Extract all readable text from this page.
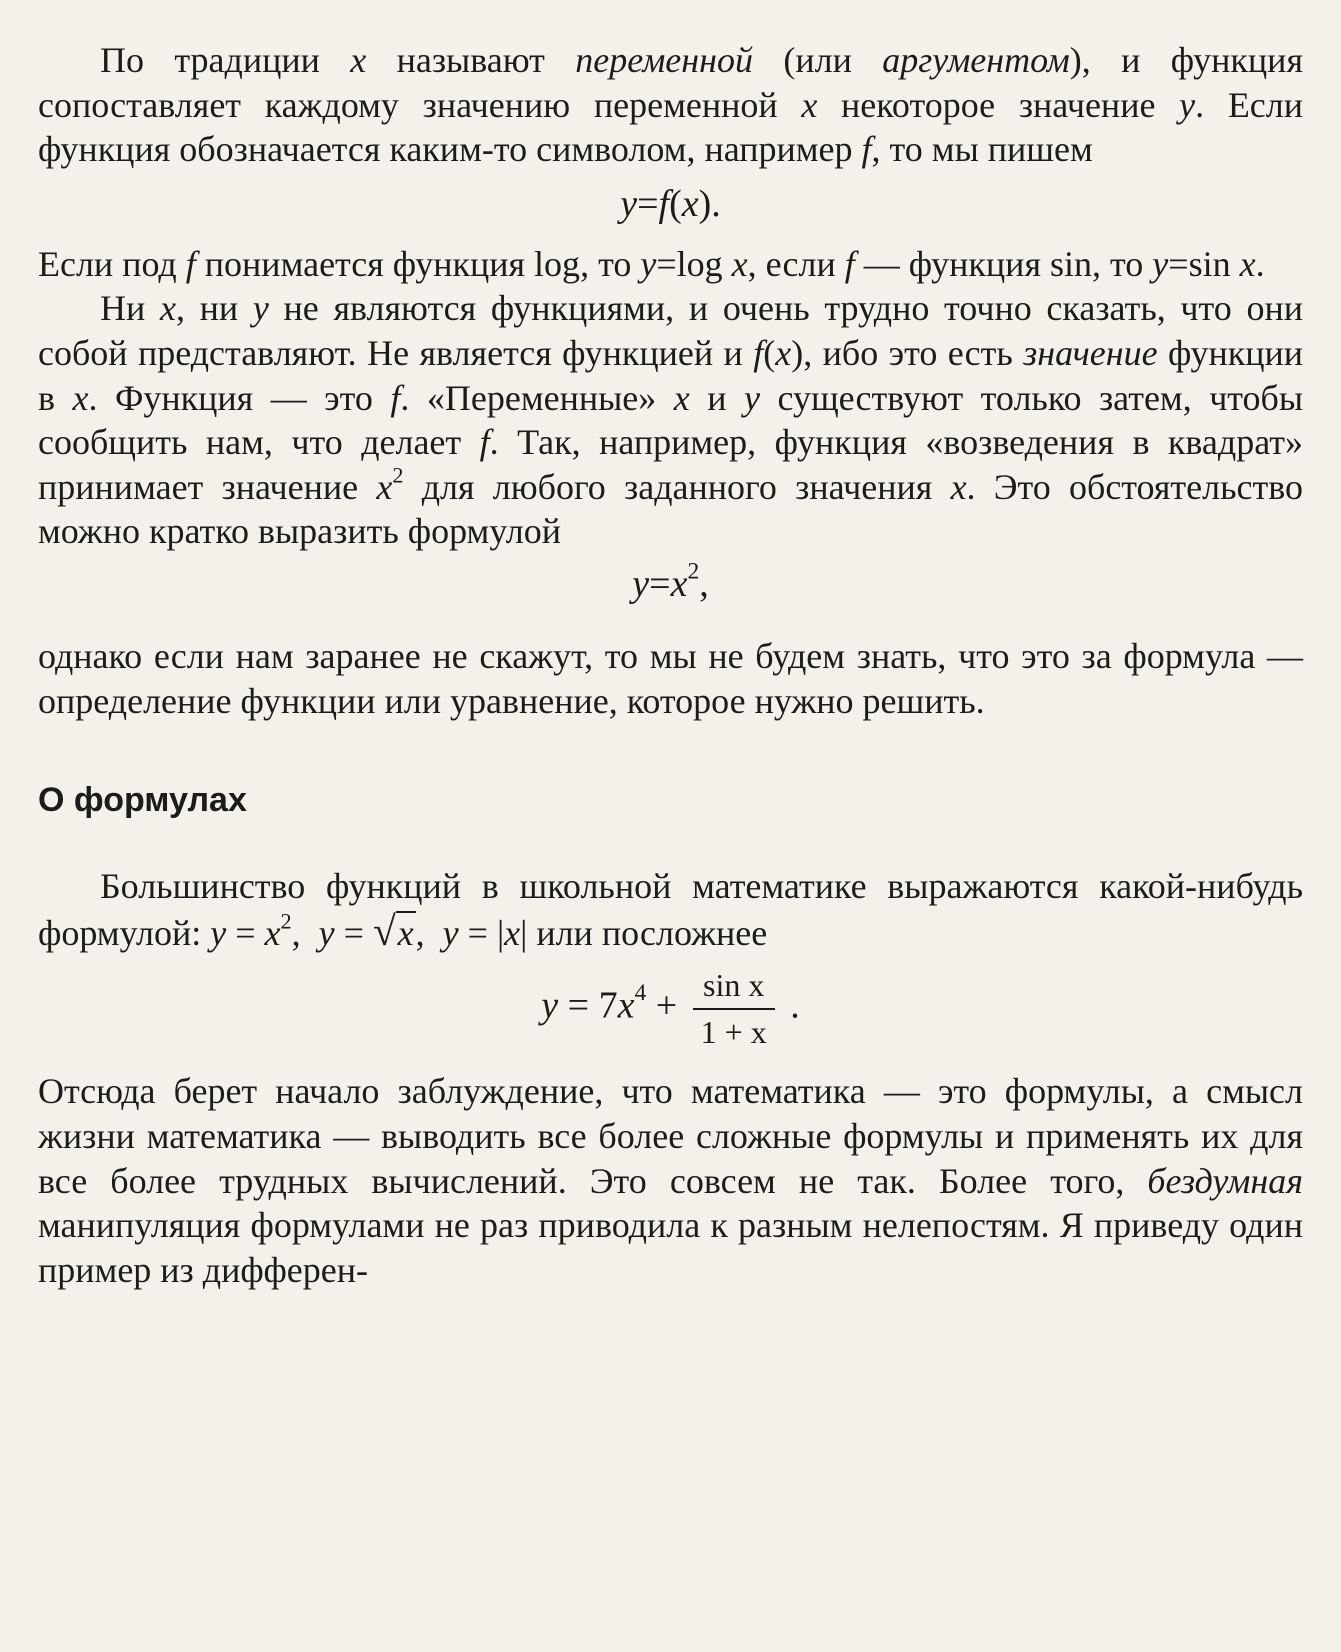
По традиции x называют переменной (или аргументом), и функция сопоставляет каждому значению переменной x некоторое значение y. Если функция обозначается каким-то символом, например f, то мы пишем

y=f(x).

Если под f понимается функция log, то y=log x, если f — функция sin, то y=sin x.

Ни x, ни y не являются функциями, и очень трудно точно сказать, что они собой представляют. Не является функцией и f(x), ибо это есть значение функции в x. Функция — это f. «Переменные» x и y существуют только затем, чтобы сообщить нам, что делает f. Так, например, функция «возведения в квадрат» принимает значение $x^2$ для любого заданного значения x. Это обстоятельство можно кратко выразить формулой

$y=x^2$,

однако если нам заранее не скажут, то мы не будем знать, что это за формула — определение функции или уравнение, которое нужно решить.

О формулах

Большинство функций в школьной математике выражаются какой-нибудь формулой: $y = x^2$,  y = √x,  y = |x| или посложнее

$y = 7x^4 + \frac{\text{sin x}}{1 + x}$ .

Отсюда берет начало заблуждение, что математика — это формулы, а смысл жизни математика — выводить все более сложные формулы и применять их для все более трудных вычислений. Это совсем не так. Более того, бездумная манипуляция формулами не раз приводила к разным нелепостям. Я приведу один пример из дифферен-
